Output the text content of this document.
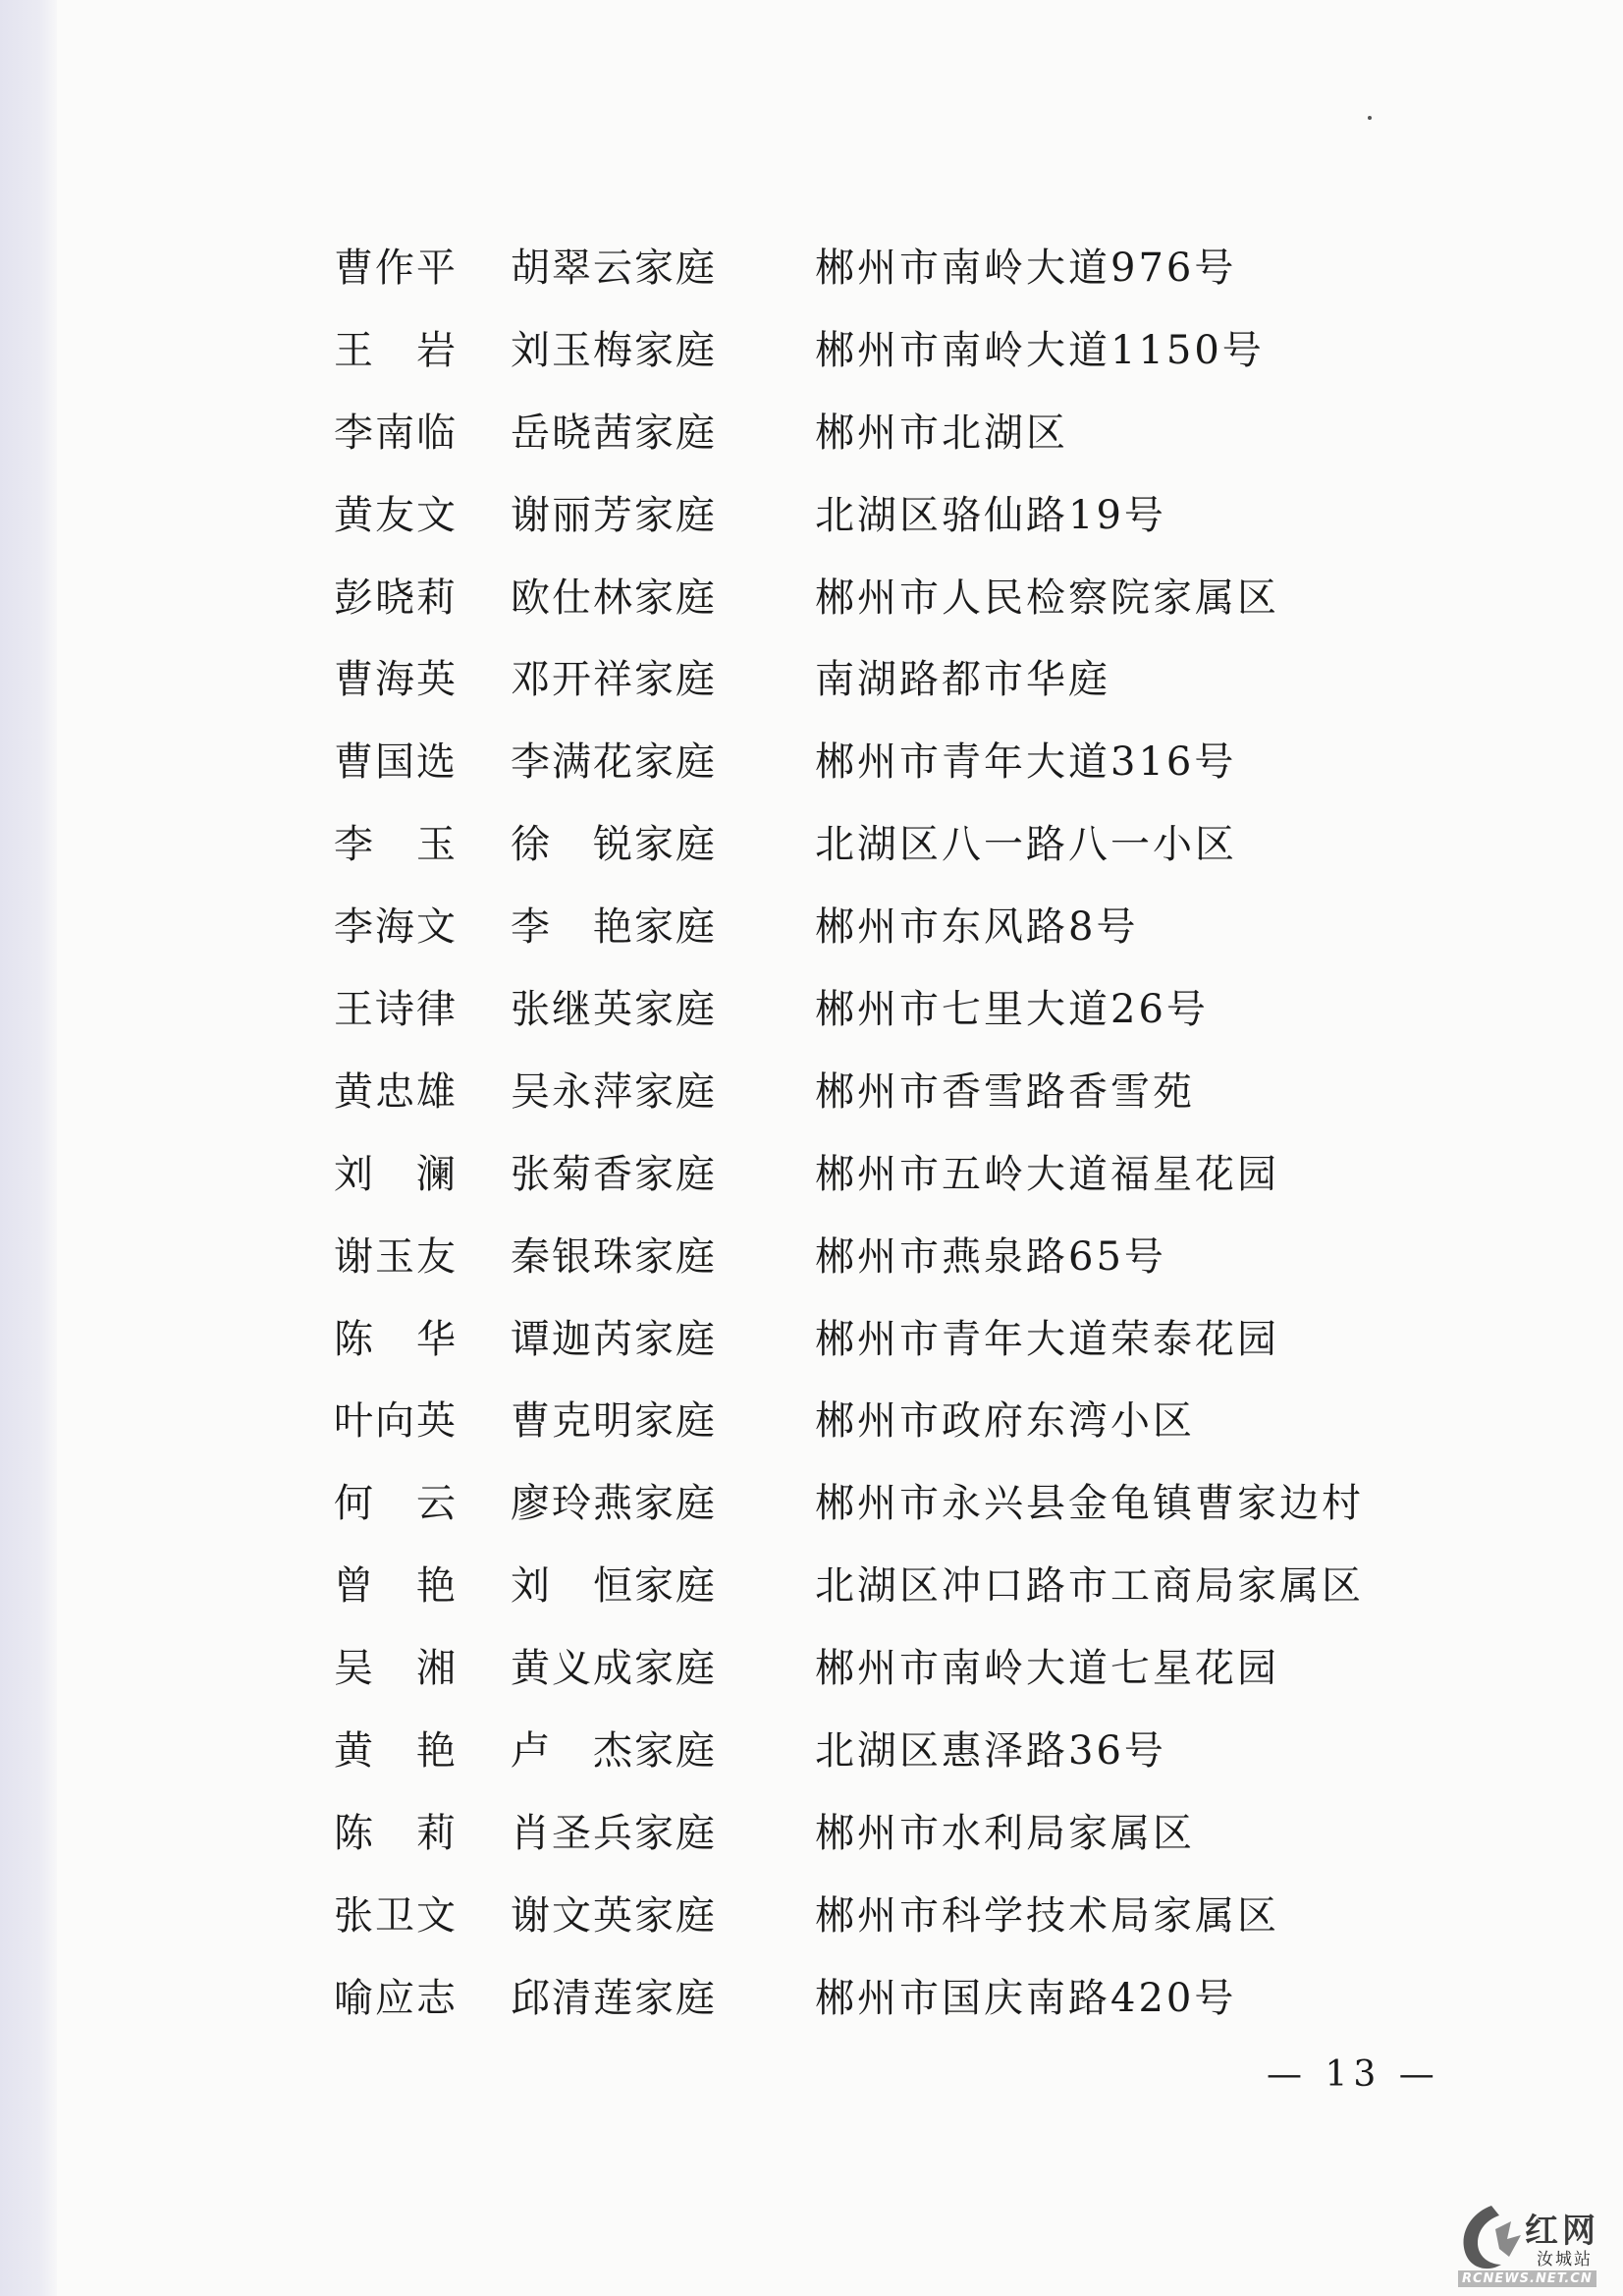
曹作平 胡翠云家庭	郴州市南岭大道976号
王　岩 刘玉梅家庭	郴州市南岭大道1150号
李南临 岳晓茜家庭	郴州市北湖区
黄友文 谢丽芳家庭	北湖区骆仙路19号
彭晓莉 欧仕林家庭	郴州市人民检察院家属区
曹海英 邓开祥家庭	南湖路都市华庭
曹国选 李满花家庭	郴州市青年大道316号
李　玉 徐　锐家庭	北湖区八一路八一小区
李海文 李　艳家庭	郴州市东风路8号
王诗律 张继英家庭	郴州市七里大道26号
黄忠雄 吴永萍家庭	郴州市香雪路香雪苑
刘　澜 张菊香家庭	郴州市五岭大道福星花园
谢玉友 秦银珠家庭	郴州市燕泉路65号
陈　华 谭迦芮家庭	郴州市青年大道荣泰花园
叶向英 曹克明家庭	郴州市政府东湾小区
何　云 廖玲燕家庭	郴州市永兴县金龟镇曹家边村
曾　艳 刘　恒家庭	北湖区冲口路市工商局家属区
吴　湘 黄义成家庭	郴州市南岭大道七星花园
黄　艳 卢　杰家庭	北湖区惠泽路36号
陈　莉 肖圣兵家庭	郴州市水利局家属区
张卫文 谢文英家庭	郴州市科学技术局家属区
喻应志 邱清莲家庭	郴州市国庆南路420号
— 13 —
红网
汝城站
RCNEWS.NET.CN
